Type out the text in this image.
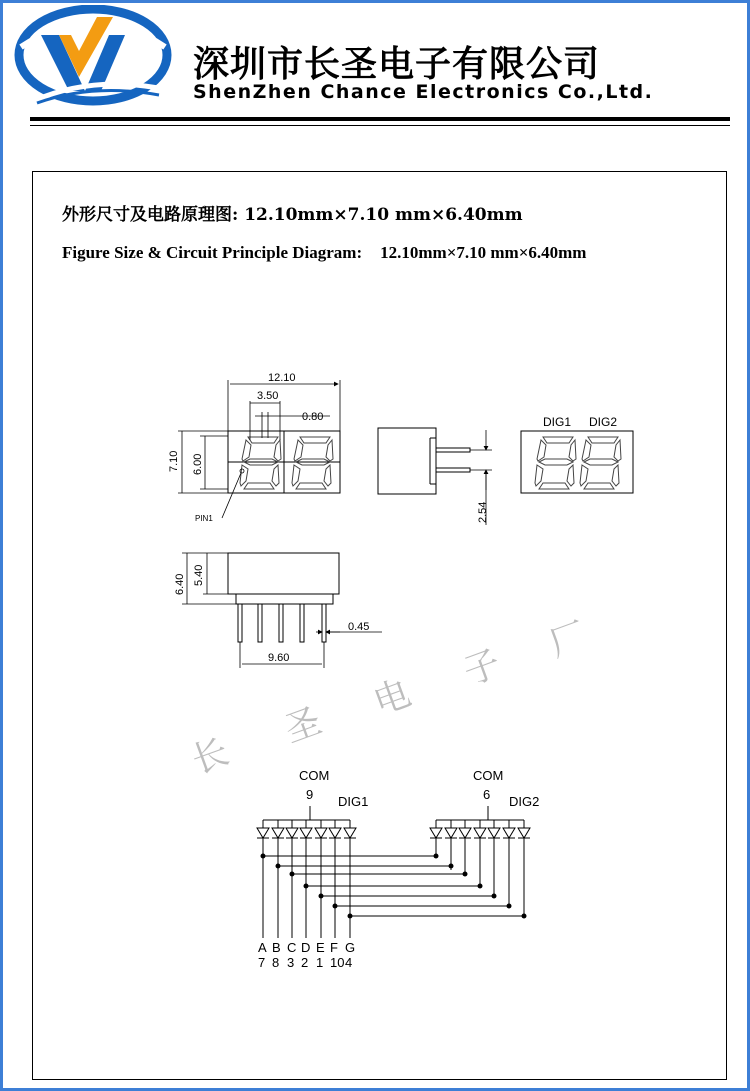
深圳市长圣电子有限公司
ShenZhen Chance Electronics Co.,Ltd.
外形尺寸及电路原理图: 12.10mm×7.10 mm×6.40mm
Figure Size & Circuit Principle Diagram: 12.10mm×7.10 mm×6.40mm
12.10
3.50
0.80
7.10 6.00
PIN1	2.54
DIG1 DIG2
6.40 5.40
0.45
9.60
长
圣
电
子
厂
COM
9 DIG1
COM
6 DIG2
A B C D E F G
7 8 3 2 1 10 4
